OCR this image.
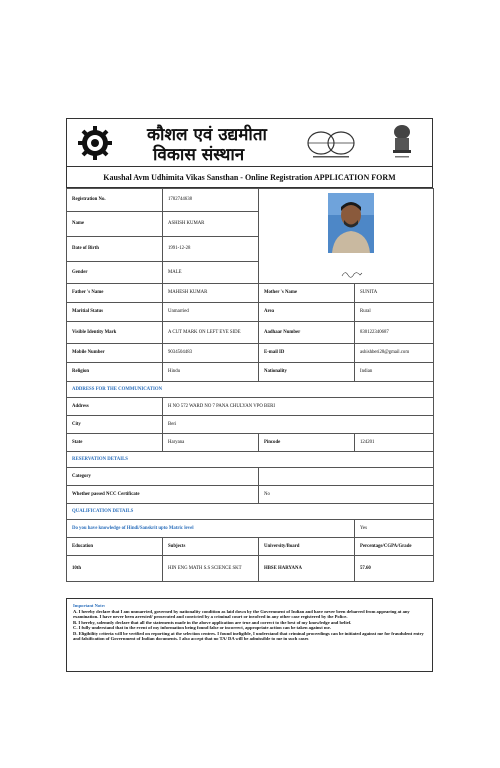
कौशल एवं उद्यमीता
विकास संस्थान
Kaushal Avm Udhimita Vikas Sansthan - Online Registration APPLICATION FORM
Registration No.	1782744638		
Name	ASHISH KUMAR		
Date of Birth	1991-12-28		
Gender	MALE		
Father 's Name	MAHESH KUMAR	Mother 's Name	SUNITA
Maritial Status	Unmarried	Area	Rural
Visible Identity Mark	A CUT MARK ON LEFT EYE SIDE	Aadhaar Number	830122340687
Mobile Number	9034504483	E-mail ID	ashishberi28@gmail.com
Religion	Hindu	Nationality	Indian
ADDRESS FOR THE COMMUNICATION			
Address	H NO 572 WARD NO 7 PANA CHULYAN VPO BERI		
City	Beri		
State	Haryana	Pincode	124201
RESERVATION DETAILS			
Category			
Whether passed NCC Certificate		No	
QUALIFICATION DETAILS			
Do you have knowledge of Hindi/Sanskrit upto Matric level			Yes
Education	Subjects	University/Board	Percentage/CGPA/Grade
10th	HIN ENG MATH S.S SCIENCE SKT	HBSE HARYANA	57.60
Important Note:
A. I hereby declare that I am unmarried, governed by nationality condition as laid down by the Government of Indian and have never been debarred from appearing at any examination. I have never been arrested/ prosecuted and convicted by a criminal court or involved in any other case registered by the Police.
B. I hereby, solemnly declare that all the statements made in the above application are true and correct to the best of my knowledge and belief.
C. I fully understand that in the event of my information being found false or incorrect, appropriate action can be taken against me.
D. Eligibility criteria will be verified on reporting at the selection centres. I found ineligible, I understand that criminal proceedings can be initiated against me for fraudulent entry and falsification of Government of Indian documents. I also accept that no TA/ DA will be admissible to me in such cases
